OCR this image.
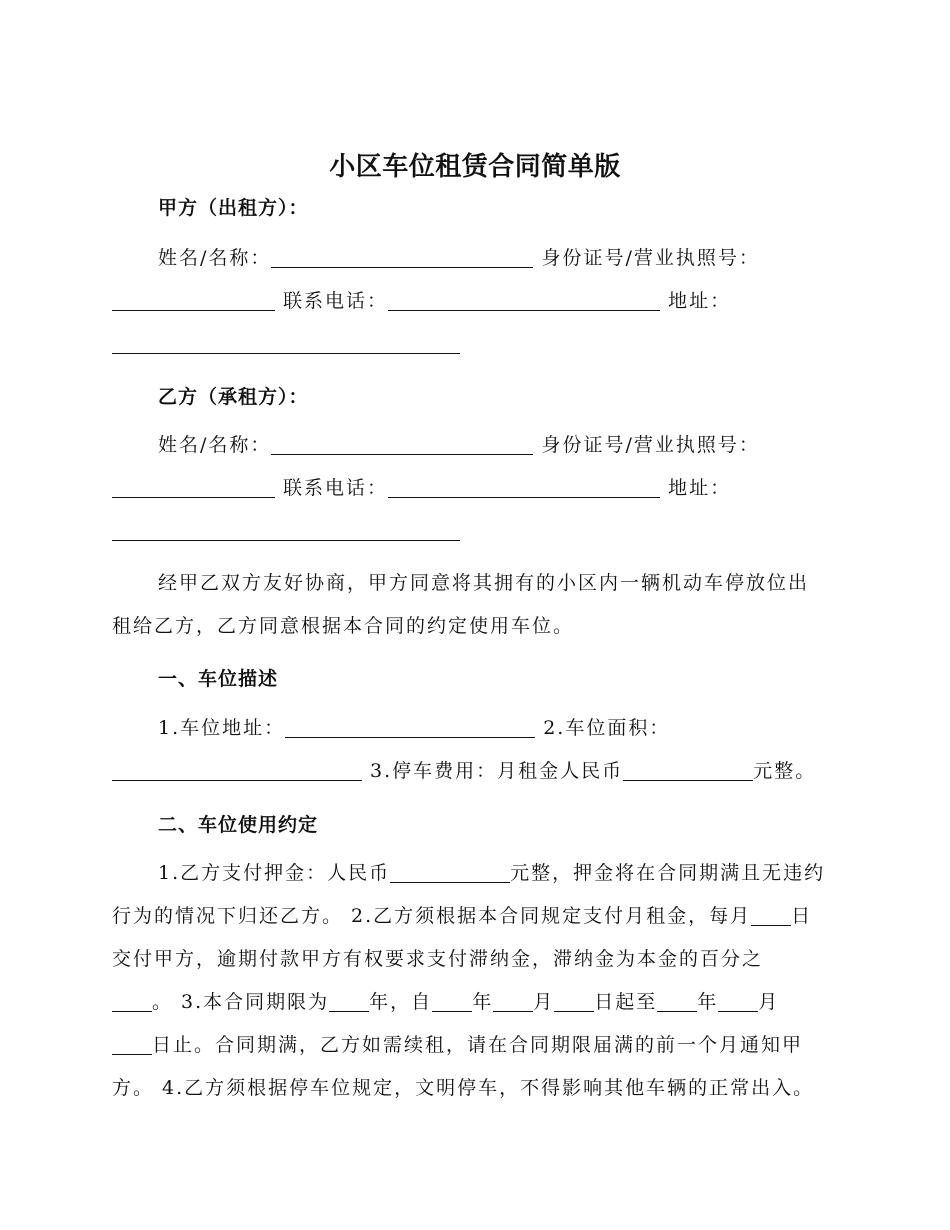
小区车位租赁合同简单版
甲方（出租方）：
姓名/名称：	身份证号/营业执照号：
联系电话：	地址：
乙方（承租方）：
姓名/名称：	身份证号/营业执照号：
联系电话：	地址：
经甲乙双方友好协商，甲方同意将其拥有的小区内一辆机动车停放位出
租给乙方，乙方同意根据本合同的约定使用车位。
一、车位描述
1.车位地址：	2.车位面积：
3.停车费用：月租金人民币	元整。
二、车位使用约定
1.乙方支付押金：人民币	元整，押金将在合同期满且无违约
行为的情况下归还乙方。 2.乙方须根据本合同规定支付月租金，每月 日
交付甲方，逾期付款甲方有权要求支付滞纳金，滞纳金为本金的百分之
。 3.本合同期限为 年，自 年 月 日起至 年 月
日止。合同期满，乙方如需续租，请在合同期限届满的前一个月通知甲
方。 4.乙方须根据停车位规定，文明停车，不得影响其他车辆的正常出入。
